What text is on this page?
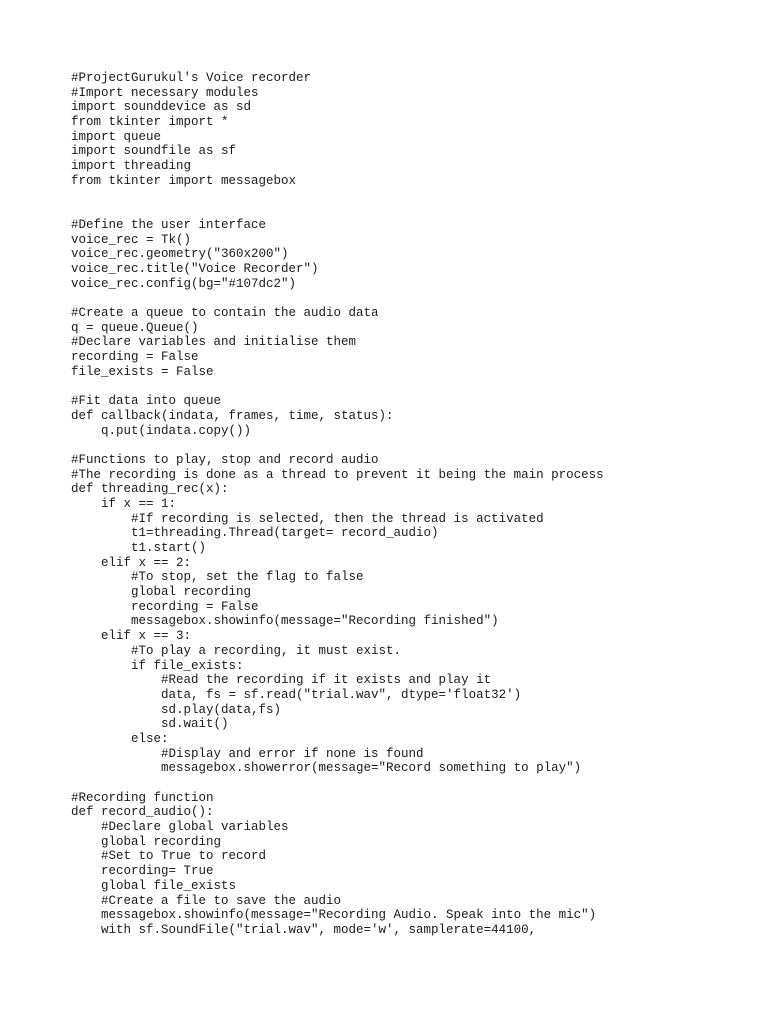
#ProjectGurukul's Voice recorder
#Import necessary modules
import sounddevice as sd
from tkinter import *
import queue
import soundfile as sf
import threading
from tkinter import messagebox
#Define the user interface
voice_rec = Tk()
voice_rec.geometry("360x200")
voice_rec.title("Voice Recorder")
voice_rec.config(bg="#107dc2")
#Create a queue to contain the audio data
q = queue.Queue()
#Declare variables and initialise them
recording = False
file_exists = False
#Fit data into queue
def callback(indata, frames, time, status):
q.put(indata.copy())
#Functions to play, stop and record audio
#The recording is done as a thread to prevent it being the main process
def threading_rec(x):
if x == 1:
#If recording is selected, then the thread is activated
t1=threading.Thread(target= record_audio)
t1.start()
elif x == 2:
#To stop, set the flag to false
global recording
recording = False
messagebox.showinfo(message="Recording finished")
elif x == 3:
#To play a recording, it must exist.
if file_exists:
#Read the recording if it exists and play it
data, fs = sf.read("trial.wav", dtype='float32')
sd.play(data,fs)
sd.wait()
else:
#Display and error if none is found
messagebox.showerror(message="Record something to play")
#Recording function
def record_audio():
#Declare global variables
global recording
#Set to True to record
recording= True
global file_exists
#Create a file to save the audio
messagebox.showinfo(message="Recording Audio. Speak into the mic")
with sf.SoundFile("trial.wav", mode='w', samplerate=44100,
